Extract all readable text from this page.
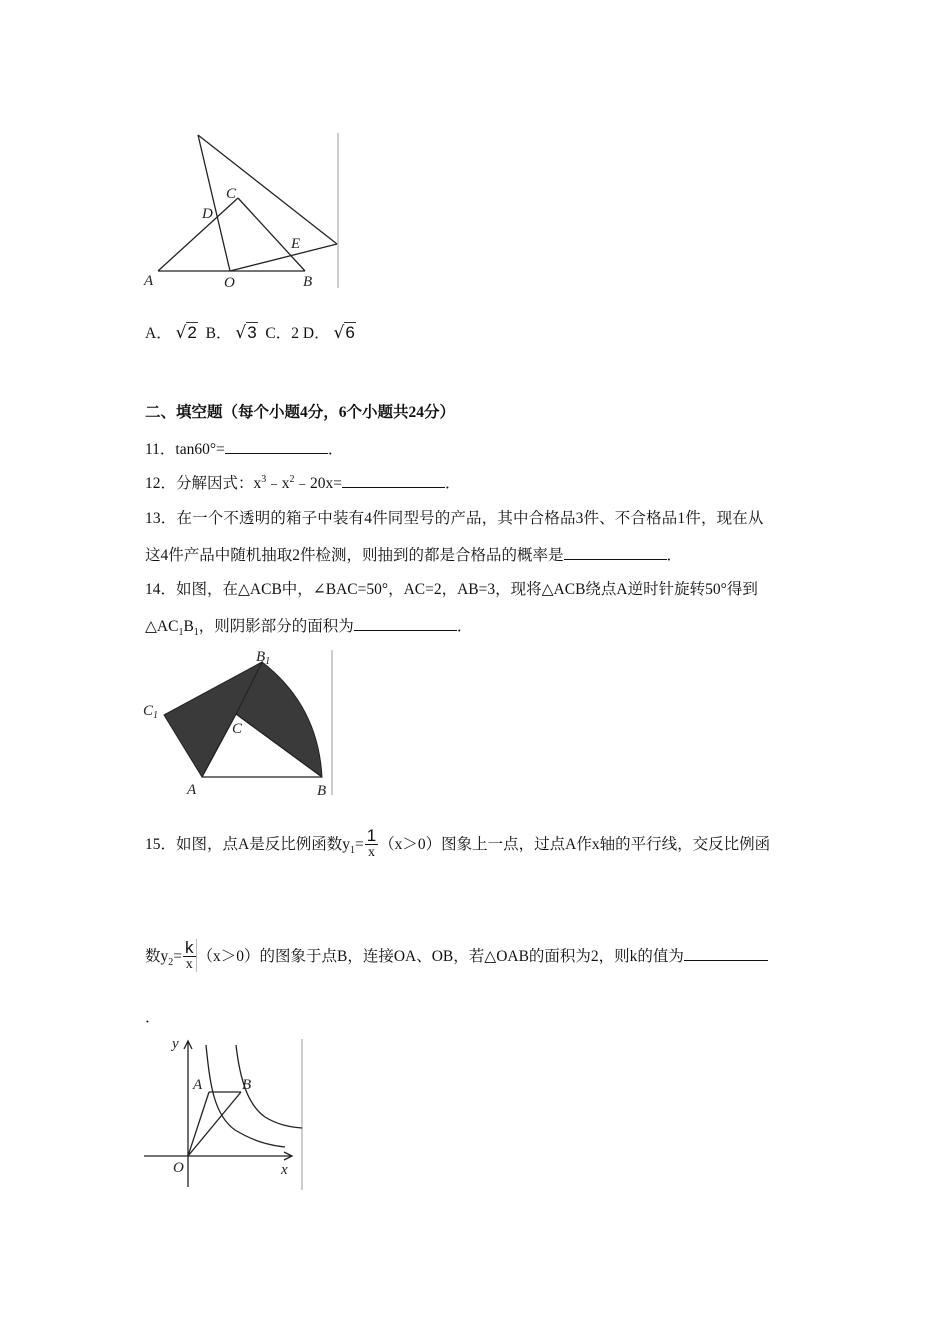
C
D
E
A	O	B
A． √2 B． √3 C．2 D． √6
二、填空题（每个小题4分，6个小题共24分）
11．tan60°=	．
12．分解因式：$x^3﹣x^2﹣20x=$	．
13．在一个不透明的箱子中装有4件同型号的产品，其中合格品3件、不合格品1件，现在从
这4件产品中随机抽取2件检测，则抽到的都是合格品的概率是	．
14．如图，在△ACB中，∠BAC=50°，AC=2，AB=3，现将△ACB绕点A逆时针旋转50°得到
$\triangle AC_1B_1$，则阴影部分的面积为	．
$B_1$
$C_1$
C
A	B
15．如图，点A是反比例函数$y_1= \frac{1}{x} (x>0)$图象上一点，过点A作x轴的平行线，交反比例函
数$y_2= \frac{k}{x} (x>0)$的图象于点B，连接OA、OB，若△OAB的面积为2，则k的值为
．
y
A	B
O	x
